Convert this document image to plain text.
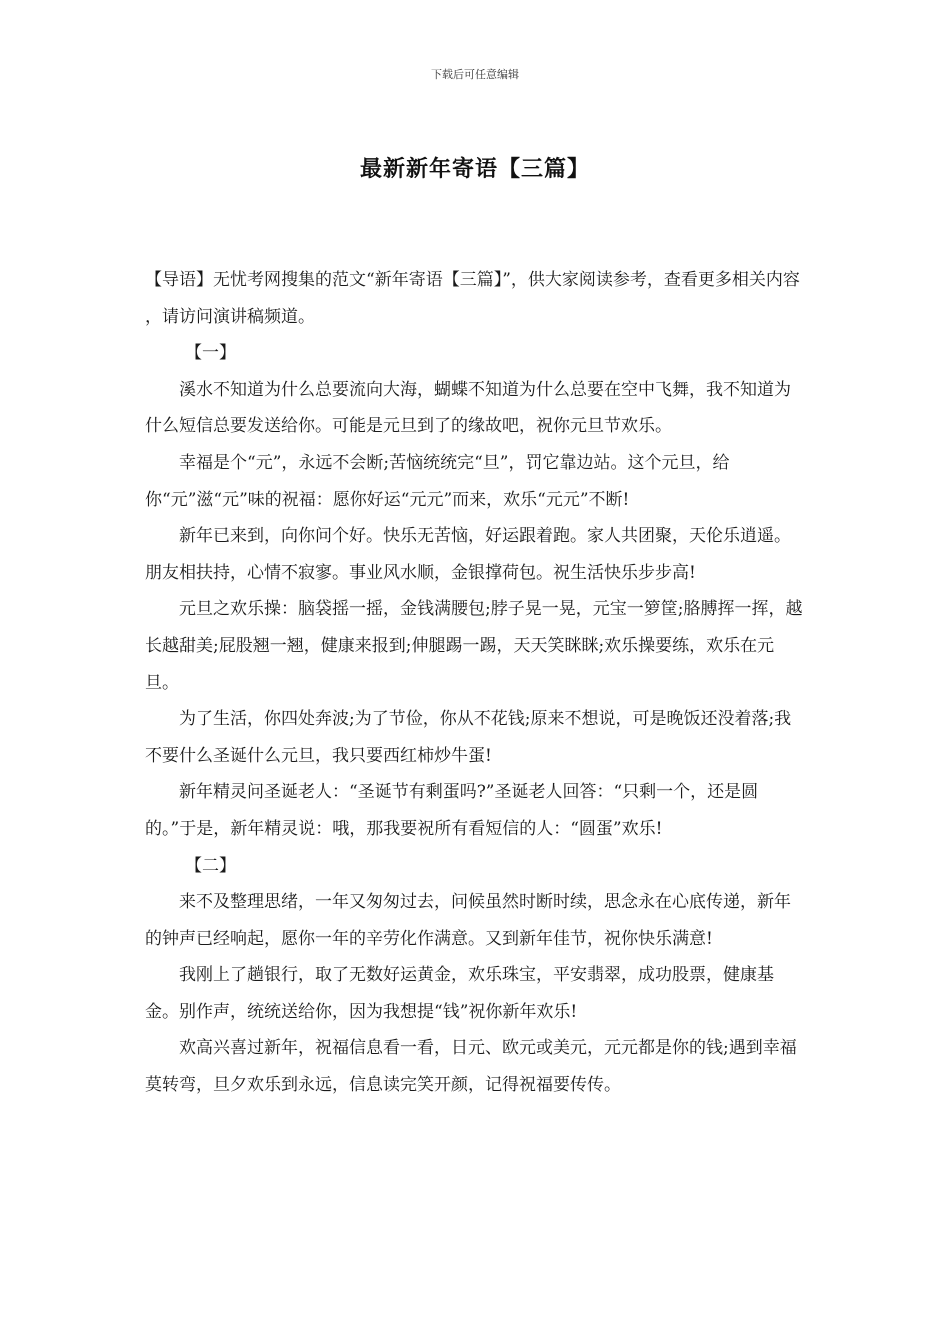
下载后可任意编辑
最新新年寄语【三篇】

【导语】无忧考网搜集的范文“新年寄语【三篇】”，供大家阅读参考，查看更多相关内容 ，请访问演讲稿频道。

【一】

溪水不知道为什么总要流向大海，蝴蝶不知道为什么总要在空中飞舞，我不知道为什么短信总要发送给你。可能是元旦到了的缘故吧，祝你元旦节欢乐。

幸福是个“元”，永远不会断;苦恼统统完“旦”，罚它靠边站。这个元旦，给你“元”滋“元”味的祝福：愿你好运“元元”而来，欢乐“元元”不断!

新年已来到，向你问个好。快乐无苦恼，好运跟着跑。家人共团聚，天伦乐逍遥。朋友相扶持，心情不寂寥。事业风水顺，金银撑荷包。祝生活快乐步步高!

元旦之欢乐操：脑袋摇一摇，金钱满腰包;脖子晃一晃，元宝一箩筐;胳膊挥一挥，越长越甜美;屁股翘一翘，健康来报到;伸腿踢一踢，天天笑眯眯;欢乐操要练，欢乐在元旦。

为了生活，你四处奔波;为了节俭，你从不花钱;原来不想说，可是晚饭还没着落;我不要什么圣诞什么元旦，我只要西红柿炒牛蛋!

新年精灵问圣诞老人：“圣诞节有剩蛋吗?”圣诞老人回答：“只剩一个，还是圆的。”于是，新年精灵说：哦，那我要祝所有看短信的人：“圆蛋”欢乐!

【二】

来不及整理思绪，一年又匆匆过去，问候虽然时断时续，思念永在心底传递，新年的钟声已经响起，愿你一年的辛劳化作满意。又到新年佳节，祝你快乐满意!

我刚上了趟银行，取了无数好运黄金，欢乐珠宝，平安翡翠，成功股票，健康基金。别作声，统统送给你，因为我想提“钱”祝你新年欢乐!

欢高兴喜过新年，祝福信息看一看，日元、欧元或美元，元元都是你的钱;遇到幸福莫转弯，旦夕欢乐到永远，信息读完笑开颜，记得祝福要传传。
